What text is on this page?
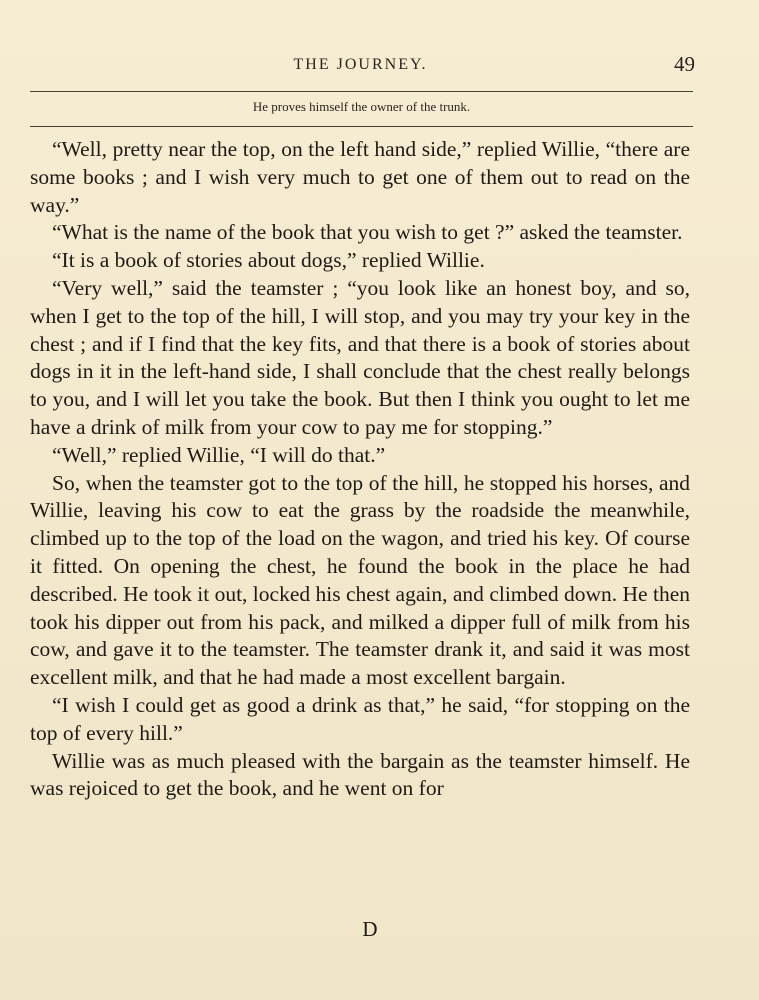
THE JOURNEY.	49
He proves himself the owner of the trunk.

“Well, pretty near the top, on the left hand side,” replied Willie, “there are some books ; and I wish very much to get one of them out to read on the way.”

“What is the name of the book that you wish to get ?” asked the teamster.

“It is a book of stories about dogs,” replied Willie.

“Very well,” said the teamster ; “you look like an honest boy, and so, when I get to the top of the hill, I will stop, and you may try your key in the chest ; and if I find that the key fits, and that there is a book of stories about dogs in it in the left-hand side, I shall conclude that the chest really belongs to you, and I will let you take the book. But then I think you ought to let me have a drink of milk from your cow to pay me for stopping.”

“Well,” replied Willie, “I will do that.”

So, when the teamster got to the top of the hill, he stopped his horses, and Willie, leaving his cow to eat the grass by the roadside the meanwhile, climbed up to the top of the load on the wagon, and tried his key. Of course it fitted. On opening the chest, he found the book in the place he had described. He took it out, locked his chest again, and climbed down. He then took his dipper out from his pack, and milked a dipper full of milk from his cow, and gave it to the teamster. The teamster drank it, and said it was most excellent milk, and that he had made a most excellent bargain.

“I wish I could get as good a drink as that,” he said, “for stopping on the top of every hill.”

Willie was as much pleased with the bargain as the teamster himself. He was rejoiced to get the book, and he went on for

D
